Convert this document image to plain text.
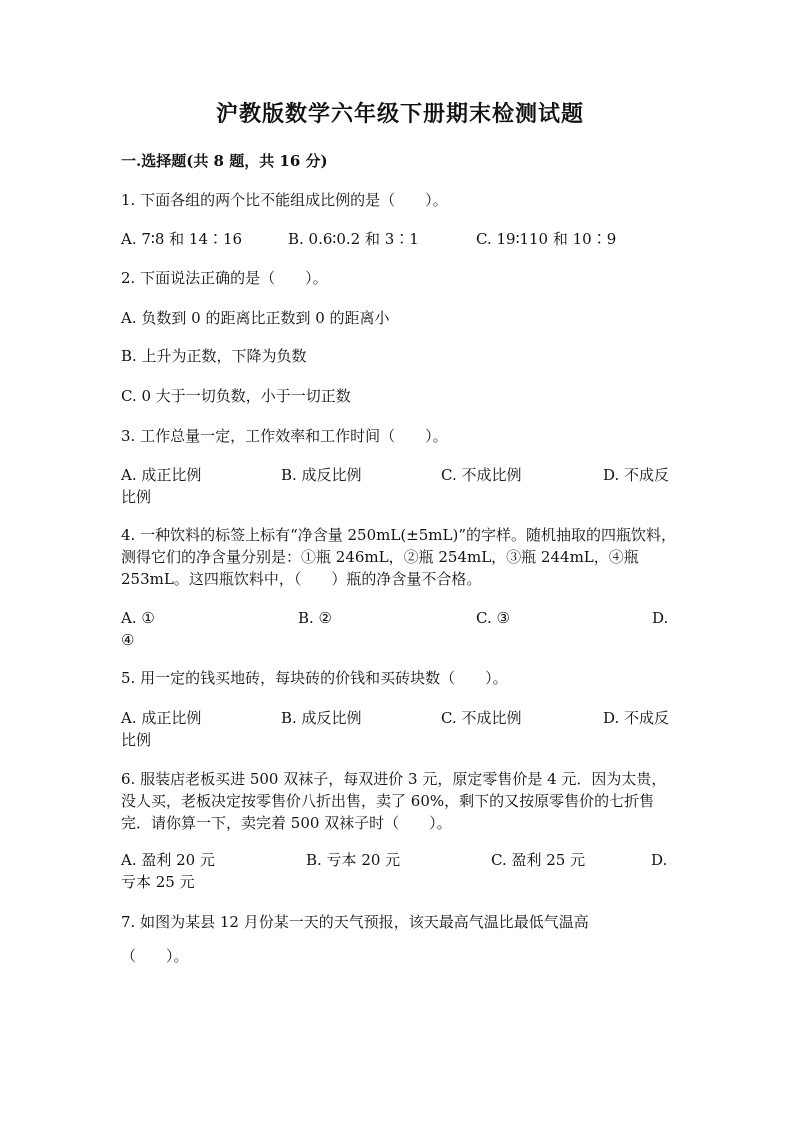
沪教版数学六年级下册期末检测试题
一.选择题(共 8 题，共 16 分)
1. 下面各组的两个比不能组成比例的是（　　）。
A. 7∶8 和 14∶16	B. 0.6∶0.2 和 3∶1	C. 19∶110 和 10∶9
2. 下面说法正确的是（　　）。
A. 负数到 0 的距离比正数到 0 的距离小
B. 上升为正数，下降为负数
C. 0 大于一切负数，小于一切正数
3. 工作总量一定，工作效率和工作时间（　　）。
A. 成正比例	B. 成反比例	C. 不成比例	D. 不成反
比例
4. 一种饮料的标签上标有“净含量 250mL(±5mL)”的字样。随机抽取的四瓶饮料，测得它们的净含量分别是：①瓶 246mL，②瓶 254mL，③瓶 244mL，④瓶 253mL。这四瓶饮料中，（　　）瓶的净含量不合格。
A. ①	B. ②	C. ③	D.
④
5. 用一定的钱买地砖，每块砖的价钱和买砖块数（　　）。
A. 成正比例	B. 成反比例	C. 不成比例	D. 不成反
比例
6. 服装店老板买进 500 双袜子，每双进价 3 元，原定零售价是 4 元．因为太贵，没人买，老板决定按零售价八折出售，卖了 60%，剩下的又按原零售价的七折售完．请你算一下，卖完着 500 双袜子时（　　）。
A. 盈利 20 元	B. 亏本 20 元	C. 盈利 25 元	D.
亏本 25 元
7. 如图为某县 12 月份某一天的天气预报，该天最高气温比最低气温高
（　　）。
